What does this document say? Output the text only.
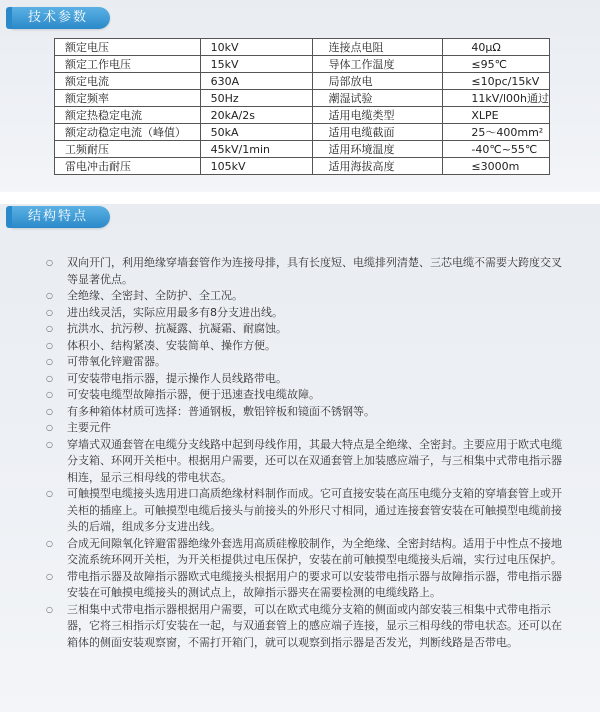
技术参数
额定电压	10kV	连接点电阻	40μΩ
额定工作电压	15kV	导体工作温度	≤95℃
额定电流	630A	局部放电	≤10pc/15kV
额定频率	50Hz	潮湿试验	11kV/l00h通过
额定热稳定电流	20kA/2s	适用电缆类型	XLPE
额定动稳定电流（峰值）	50kA	适用电缆截面	25～400mm²
工频耐压	45kV/1min	适用环境温度	-40℃~55℃
雷电冲击耐压	105kV	适用海拔高度	≤3000m
结构特点
○ 双向开门，利用绝缘穿墙套管作为连接母排，具有长度短、电缆排列清楚、三芯电缆不需要大跨度交叉等显著优点。
○ 全绝缘、全密封、全防护、全工况。
○ 进出线灵活，实际应用最多有8分支进出线。
○ 抗洪水、抗污秽、抗凝露、抗凝霜、耐腐蚀。
○ 体积小、结构紧凑、安装简单、操作方便。
○ 可带氧化锌避雷器。
○ 可安装带电指示器，提示操作人员线路带电。
○ 可安装电缆型故障指示器，便于迅速查找电缆故障。
○ 有多种箱体材质可选择：普通钢板，敷铝锌板和镜面不锈钢等。
○ 主要元件
○ 穿墙式双通套管在电缆分支线路中起到母线作用，其最大特点是全绝缘、全密封。主要应用于欧式电缆分支箱、环网开关柜中。根据用户需要，还可以在双通套管上加装感应端子，与三相集中式带电指示器相连，显示三相母线的带电状态。
○ 可触摸型电缆接头选用进口高质绝缘材料制作而成。它可直接安装在高压电缆分支箱的穿墙套管上或开关柜的插座上。可触摸型电缆后接头与前接头的外形尺寸相同，通过连接套管安装在可触摸型电缆前接头的后端，组成多分支进出线。
○ 合成无间隙氧化锌避雷器绝缘外套选用高质硅橡胶制作，为全绝缘、全密封结构。适用于中性点不接地交流系统环网开关柜，为开关柜提供过电压保护，安装在前可触摸型电缆接头后端，实行过电压保护。
○ 带电指示器及故障指示器欧式电缆接头根据用户的要求可以安装带电指示器与故障指示器，带电指示器安装在可触摸电缆接头的测试点上，故障指示器夹在需要检测的电缆线路上。
○ 三相集中式带电指示器根据用户需要，可以在欧式电缆分支箱的侧面或内部安装三相集中式带电指示器，它将三相指示灯安装在一起，与双通套管上的感应端子连接，显示三相母线的带电状态。还可以在箱体的侧面安装观察窗，不需打开箱门，就可以观察到指示器是否发光，判断线路是否带电。
